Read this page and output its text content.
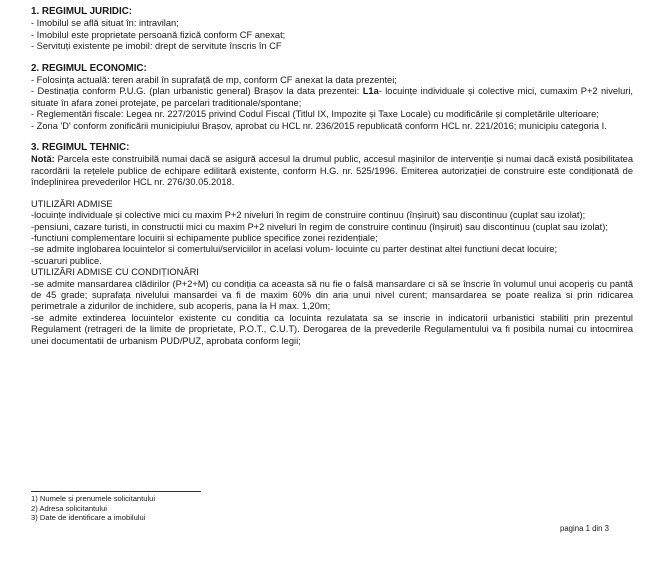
1. REGIMUL JURIDIC:
- Imobilul se află situat în: intravilan;
- Imobilul este proprietate persoană fizică conform CF anexat;
- Servituți existente pe imobil: drept de servitute înscris în CF
2. REGIMUL ECONOMIC:
- Folosința actuală: teren arabil în suprafață de mp, conform CF anexat la data prezentei;
- Destinația conform P.U.G. (plan urbanistic general) Brașov la data prezentei: L1a- locuințe individuale și colective mici, cumaxim P+2 niveluri, situate în afara zonei protejate, pe parcelari traditionale/spontane;
- Reglementări fiscale: Legea nr. 227/2015 privind Codul Fiscal (Titlul IX, Impozite și Taxe Locale) cu modificările și completările ulterioare;
- Zona 'D' conform zonificării municipiului Brașov, aprobat cu HCL nr. 236/2015 republicată conform HCL nr. 221/2016; municipiu categoria I.
3. REGIMUL TEHNIC:
Notă: Parcela este construibilă numai dacă se asigură accesul la drumul public, accesul mașinilor de intervenție și numai dacă există posibilitatea racordării la rețelele publice de echipare edilitară existente, conform H.G. nr. 525/1996. Emiterea autorizației de construire este condiționată de îndeplinirea prevederilor HCL nr. 276/30.05.2018.
UTILIZĂRI ADMISE
-locuințe individuale și colective mici cu maxim P+2 niveluri în regim de construire continuu (înșiruit) sau discontinuu (cuplat sau izolat);
-pensiuni, cazare turisti, in constructii mici cu maxim P+2 niveluri în regim de construire continuu (înșiruit) sau discontinuu (cuplat sau izolat);
-functiuni complementare locuirii si echipamente publice specifice zonei rezidențiale;
-se admite inglobarea locuintelor si comertului/serviciilor in acelasi volum- locuinte cu parter destinat altei functiuni decat locuire;
-scuaruri publice.
UTILIZĂRI ADMISE CU CONDIȚIONĂRI
-se admite mansardarea clădirilor (P+2+M) cu condiția ca aceasta să nu fie o falsă mansardare ci să se înscrie în volumul unui acoperiș cu pantă de 45 grade; suprafața nivelului mansardei va fi de maxim 60% din aria unui nivel curent; mansardarea se poate realiza si prin ridicarea perimetrale a zidurilor de inchidere, sub acoperis, pana la H max. 1,20m;
-se admite extinderea locuintelor existente cu conditia ca locuinta rezulatata sa se inscrie in indicatorii urbanistici stabiliti prin prezentul Regulament (retrageri de la limite de proprietate, P.O.T., C.U.T). Derogarea de la prevederile Regulamentului va fi posibila numai cu intocmirea unei documentatii de urbanism PUD/PUZ, aprobata conform legii;
1) Numele și prenumele solicitantului
2) Adresa solicitantului
3) Date de identificare a imobilului
pagina 1 din 3
